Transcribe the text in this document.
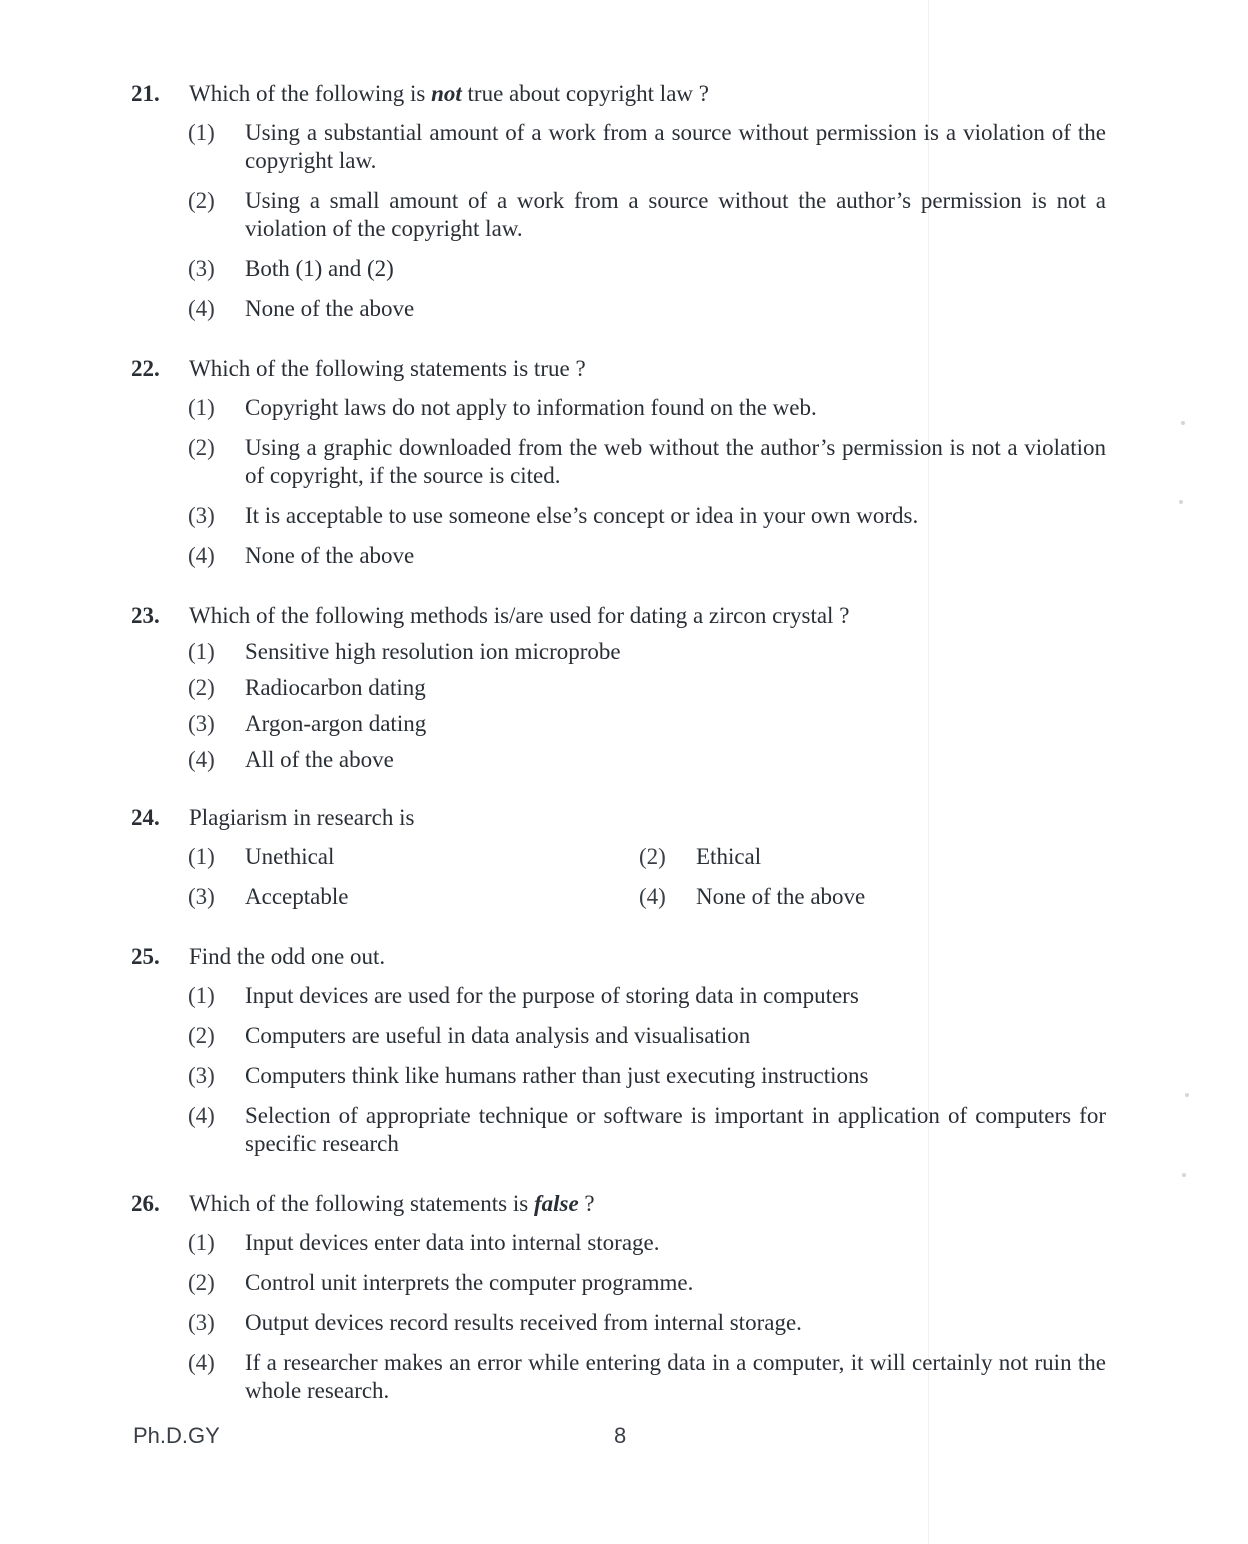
21. Which of the following is not true about copyright law ?
(1) Using a substantial amount of a work from a source without permission is a violation of the copyright law.
(2) Using a small amount of a work from a source without the author’s permission is not a violation of the copyright law.
(3) Both (1) and (2)
(4) None of the above
22. Which of the following statements is true ?
(1) Copyright laws do not apply to information found on the web.
(2) Using a graphic downloaded from the web without the author’s permission is not a violation of copyright, if the source is cited.
(3) It is acceptable to use someone else’s concept or idea in your own words.
(4) None of the above
23. Which of the following methods is/are used for dating a zircon crystal ?
(1) Sensitive high resolution ion microprobe
(2) Radiocarbon dating
(3) Argon-argon dating
(4) All of the above
24. Plagiarism in research is
(1) Unethical	(2) Ethical
(3) Acceptable	(4) None of the above
25. Find the odd one out.
(1) Input devices are used for the purpose of storing data in computers
(2) Computers are useful in data analysis and visualisation
(3) Computers think like humans rather than just executing instructions
(4) Selection of appropriate technique or software is important in application of computers for specific research
26. Which of the following statements is false ?
(1) Input devices enter data into internal storage.
(2) Control unit interprets the computer programme.
(3) Output devices record results received from internal storage.
(4) If a researcher makes an error while entering data in a computer, it will certainly not ruin the whole research.
Ph.D.GY	8
